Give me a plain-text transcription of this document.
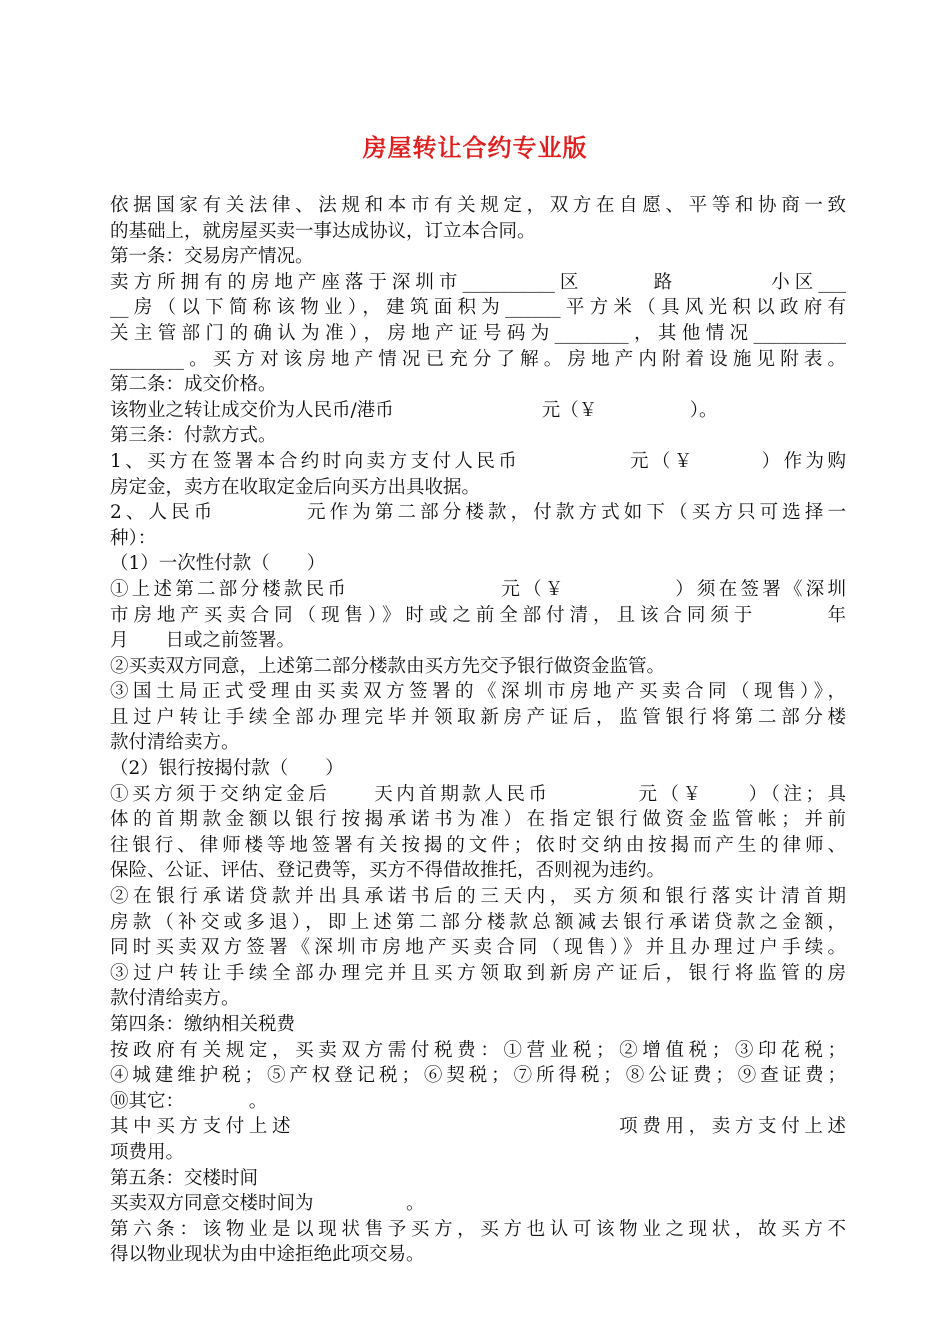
房屋转让合约专业版
依据国家有关法律、法规和本市有关规定，双方在自愿、平等和协商一致
的基础上，就房屋买卖一事达成协议，订立本合同。
第一条：交易房产情况。
卖方所拥有的房地产座落于深圳市__________区　　　路　　　　小区___
__房（以下简称该物业），建筑面积为______平方米（具风光积以政府有
关主管部门的确认为准），房地产证号码为________，其他情况__________
________。买方对该房地产情况已充分了解。房地产内附着设施见附表。
第二条：成交价格。
该物业之转让成交价为人民币/港币　　　　　　　　元（￥　　　　　）。
第三条：付款方式。
1、买方在签署本合约时向卖方支付人民币　　　　　元（￥　　　）作为购
房定金，卖方在收取定金后向买方出具收据。
2、人民币　　　　元作为第二部分楼款，付款方式如下（买方只可选择一
种）：
（1）一次性付款（　　）
①上述第二部分楼款民币　　　　　　　元（￥　　　　　）须在签署《深圳
市房地产买卖合同（现售）》时或之前全部付清，且该合同须于　　　年
月　　日或之前签署。
②买卖双方同意，上述第二部分楼款由买方先交予银行做资金监管。
③国土局正式受理由买卖双方签署的《深圳市房地产买卖合同（现售）》，
且过户转让手续全部办理完毕并领取新房产证后，监管银行将第二部分楼
款付清给卖方。
（2）银行按揭付款（　　）
①买方须于交纳定金后　　天内首期款人民币　　　　元（￥　　）（注；具
体的首期款金额以银行按揭承诺书为准）在指定银行做资金监管帐；并前
往银行、律师楼等地签署有关按揭的文件；依时交纳由按揭而产生的律师、
保险、公证、评估、登记费等，买方不得借故推托，否则视为违约。
②在银行承诺贷款并出具承诺书后的三天内，买方须和银行落实计清首期
房款（补交或多退），即上述第二部分楼款总额减去银行承诺贷款之金额，
同时买卖双方签署《深圳市房地产买卖合同（现售）》并且办理过户手续。
③过户转让手续全部办理完并且买方领取到新房产证后，银行将监管的房
款付清给卖方。
第四条：缴纳相关税费
按政府有关规定，买卖双方需付税费：①营业税；②增值税；③印花税；
④城建维护税；⑤产权登记税；⑥契税；⑦所得税；⑧公证费；⑨查证费；
⑩其它：　　　　。
其中买方支付上述　　　　　　　　　　　　　　项费用，卖方支付上述
项费用。
第五条：交楼时间
买卖双方同意交楼时间为　　　　　。
第六条：该物业是以现状售予买方，买方也认可该物业之现状，故买方不
得以物业现状为由中途拒绝此项交易。
